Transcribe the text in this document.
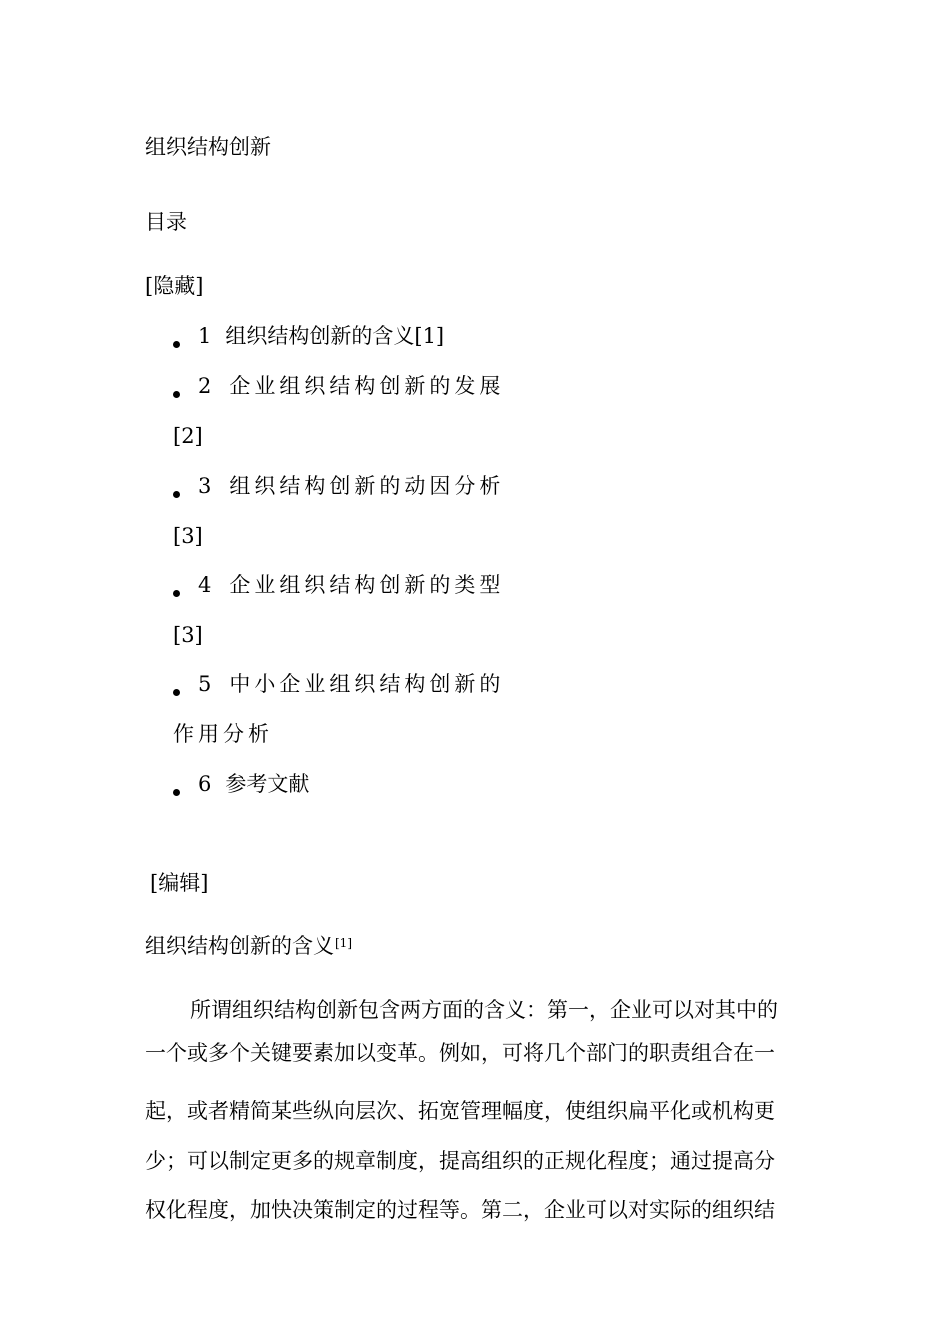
组织结构创新
目录
[隐藏]
1 组织结构创新的含义[1]
2 企业组织结构创新的发展
[2]
3 组织结构创新的动因分析
[3]
4 企业组织结构创新的类型
[3]
5 中小企业组织结构创新的
作用分析
6 参考文献
[编辑]
组织结构创新的含义[1]
所谓组织结构创新包含两方面的含义：第一，企业可以对其中的
一个或多个关键要素加以变革。例如，可将几个部门的职责组合在一
起，或者精简某些纵向层次、拓宽管理幅度，使组织扁平化或机构更
少；可以制定更多的规章制度，提高组织的正规化程度；通过提高分
权化程度，加快决策制定的过程等。第二，企业可以对实际的组织结
